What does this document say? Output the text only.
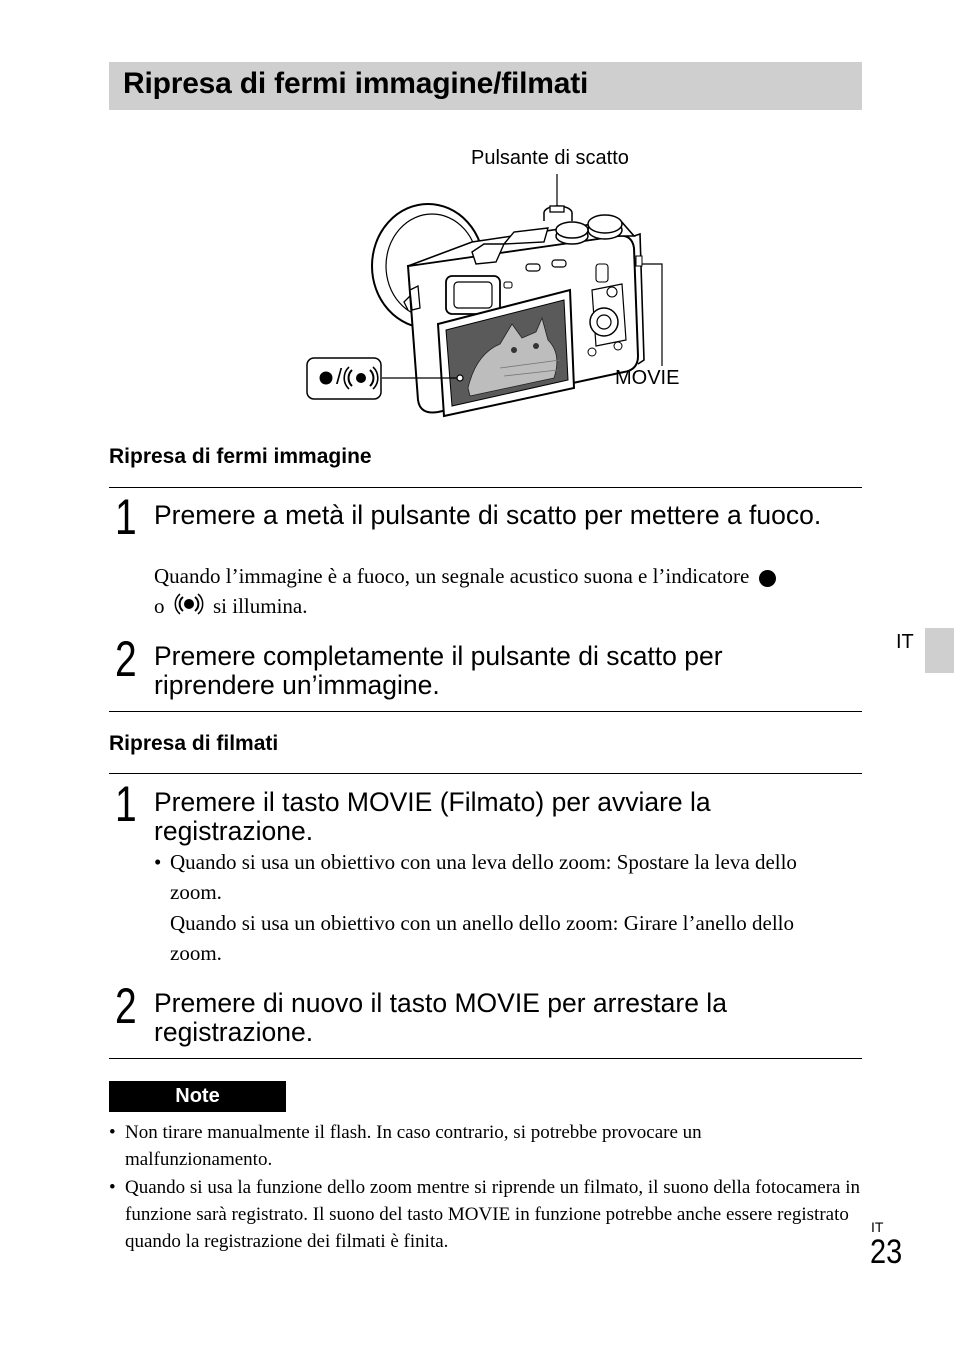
Ripresa di fermi immagine/filmati
Pulsante di scatto
MOVIE
/
Ripresa di fermi immagine
1 Premere a metà il pulsante di scatto per mettere a fuoco.
Quando l’immagine è a fuoco, un segnale acustico suona e l’indicatore
o si illumina.
2 Premere completamente il pulsante di scatto per riprendere un’immagine.
Ripresa di filmati
1 Premere il tasto MOVIE (Filmato) per avviare la registrazione.
• Quando si usa un obiettivo con una leva dello zoom: Spostare la leva dello zoom.
Quando si usa un obiettivo con un anello dello zoom: Girare l’anello dello zoom.
2 Premere di nuovo il tasto MOVIE per arrestare la registrazione.
Note
• Non tirare manualmente il flash. In caso contrario, si potrebbe provocare un malfunzionamento.
• Quando si usa la funzione dello zoom mentre si riprende un filmato, il suono della fotocamera in funzione sarà registrato. Il suono del tasto MOVIE in funzione potrebbe anche essere registrato quando la registrazione dei filmati è finita.
IT
IT
23
